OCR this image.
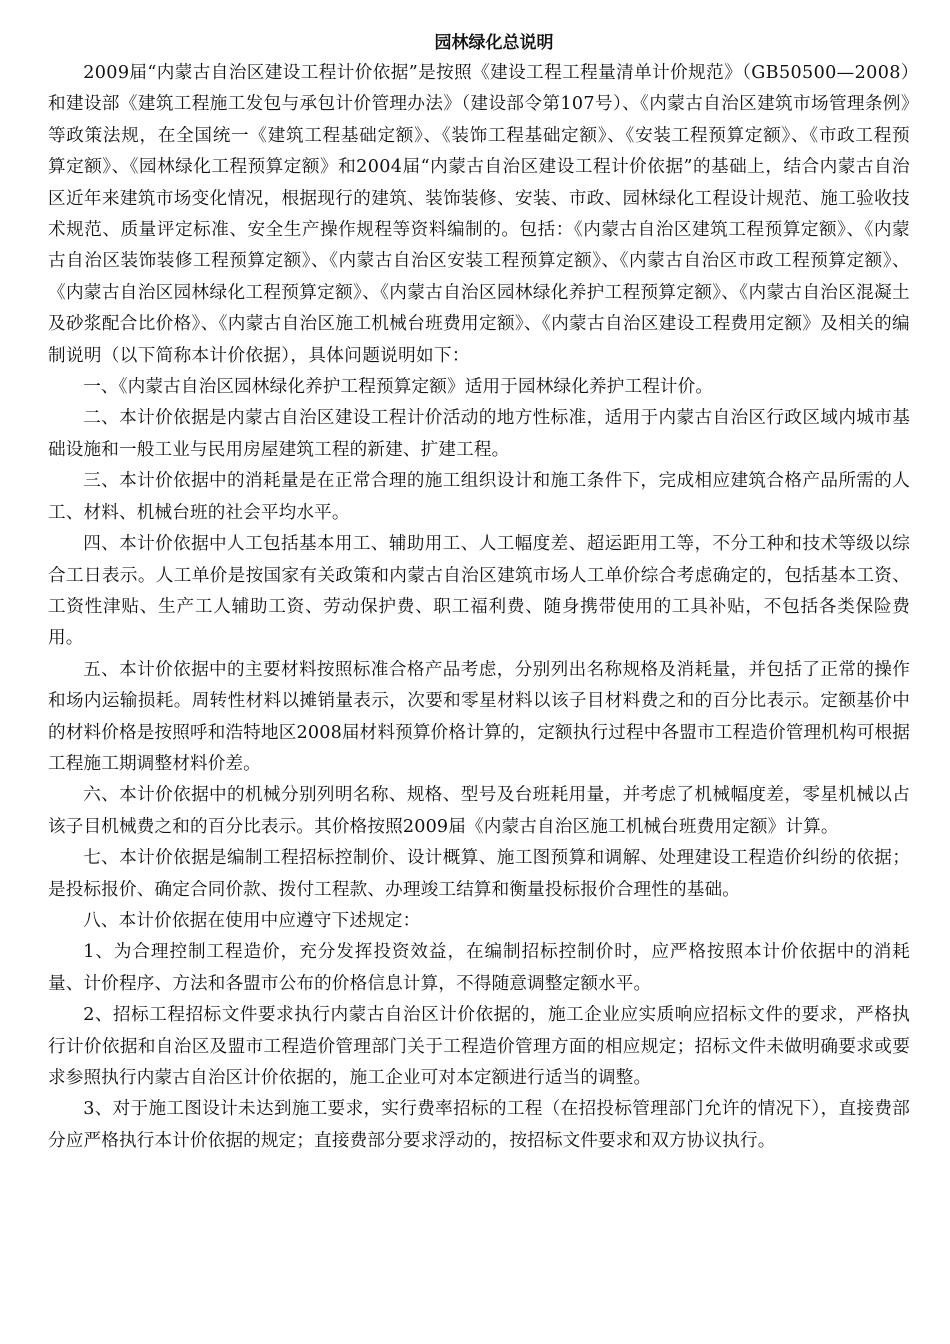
园林绿化总说明

2009届“内蒙古自治区建设工程计价依据”是按照《建设工程工程量清单计价规范》（GB50500—2008）和建设部《建筑工程施工发包与承包计价管理办法》（建设部令第107号）、《内蒙古自治区建筑市场管理条例》等政策法规，在全国统一《建筑工程基础定额》、《装饰工程基础定额》、《安装工程预算定额》、《市政工程预算定额》、《园林绿化工程预算定额》和2004届“内蒙古自治区建设工程计价依据”的基础上，结合内蒙古自治区近年来建筑市场变化情况，根据现行的建筑、装饰装修、安装、市政、园林绿化工程设计规范、施工验收技术规范、质量评定标准、安全生产操作规程等资料编制的。包括：《内蒙古自治区建筑工程预算定额》、《内蒙古自治区装饰装修工程预算定额》、《内蒙古自治区安装工程预算定额》、《内蒙古自治区市政工程预算定额》、《内蒙古自治区园林绿化工程预算定额》、《内蒙古自治区园林绿化养护工程预算定额》、《内蒙古自治区混凝土及砂浆配合比价格》、《内蒙古自治区施工机械台班费用定额》、《内蒙古自治区建设工程费用定额》及相关的编制说明（以下简称本计价依据），具体问题说明如下：

一、《内蒙古自治区园林绿化养护工程预算定额》适用于园林绿化养护工程计价。

二、本计价依据是内蒙古自治区建设工程计价活动的地方性标准，适用于内蒙古自治区行政区域内城市基础设施和一般工业与民用房屋建筑工程的新建、扩建工程。

三、本计价依据中的消耗量是在正常合理的施工组织设计和施工条件下，完成相应建筑合格产品所需的人工、材料、机械台班的社会平均水平。

四、本计价依据中人工包括基本用工、辅助用工、人工幅度差、超运距用工等，不分工种和技术等级以综合工日表示。人工单价是按国家有关政策和内蒙古自治区建筑市场人工单价综合考虑确定的，包括基本工资、工资性津贴、生产工人辅助工资、劳动保护费、职工福利费、随身携带使用的工具补贴，不包括各类保险费用。

五、本计价依据中的主要材料按照标准合格产品考虑，分别列出名称规格及消耗量，并包括了正常的操作和场内运输损耗。周转性材料以摊销量表示，次要和零星材料以该子目材料费之和的百分比表示。定额基价中的材料价格是按照呼和浩特地区2008届材料预算价格计算的，定额执行过程中各盟市工程造价管理机构可根据工程施工期调整材料价差。

六、本计价依据中的机械分别列明名称、规格、型号及台班耗用量，并考虑了机械幅度差，零星机械以占该子目机械费之和的百分比表示。其价格按照2009届《内蒙古自治区施工机械台班费用定额》计算。

七、本计价依据是编制工程招标控制价、设计概算、施工图预算和调解、处理建设工程造价纠纷的依据；是投标报价、确定合同价款、拨付工程款、办理竣工结算和衡量投标报价合理性的基础。

八、本计价依据在使用中应遵守下述规定：

1、为合理控制工程造价，充分发挥投资效益，在编制招标控制价时，应严格按照本计价依据中的消耗量、计价程序、方法和各盟市公布的价格信息计算，不得随意调整定额水平。

2、招标工程招标文件要求执行内蒙古自治区计价依据的，施工企业应实质响应招标文件的要求，严格执行计价依据和自治区及盟市工程造价管理部门关于工程造价管理方面的相应规定；招标文件未做明确要求或要求参照执行内蒙古自治区计价依据的，施工企业可对本定额进行适当的调整。

3、对于施工图设计未达到施工要求，实行费率招标的工程（在招投标管理部门允许的情况下），直接费部分应严格执行本计价依据的规定；直接费部分要求浮动的，按招标文件要求和双方协议执行。
